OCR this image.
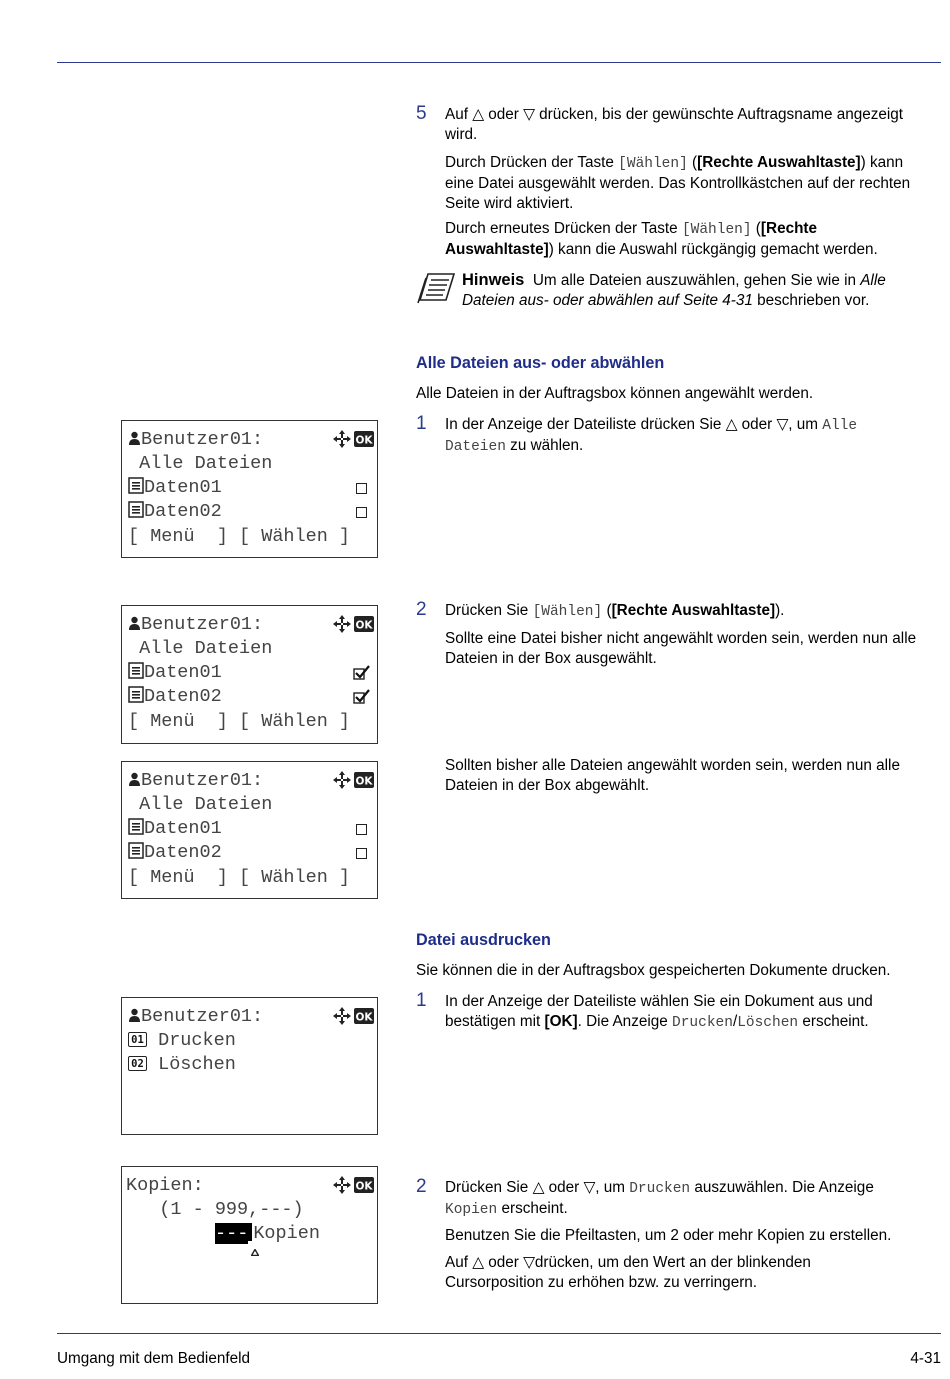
5 Auf △ oder ▽ drücken, bis der gewünschte Auftragsname angezeigt
wird.
Durch Drücken der Taste [Wählen] ([Rechte Auswahltaste]) kann
eine Datei ausgewählt werden. Das Kontrollkästchen auf der rechten
Seite wird aktiviert.
Durch erneutes Drücken der Taste [Wählen] ([Rechte
Auswahltaste]) kann die Auswahl rückgängig gemacht werden.
Hinweis Um alle Dateien auszuwählen, gehen Sie wie in Alle
Dateien aus- oder abwählen auf Seite 4-31 beschrieben vor.
Alle Dateien aus- oder abwählen
Alle Dateien in der Auftragsbox können angewählt werden.
1 In der Anzeige der Dateiliste drücken Sie △ oder ▽, um Alle
Dateien zu wählen.
2 Drücken Sie [Wählen] ([Rechte Auswahltaste]).
Sollte eine Datei bisher nicht angewählt worden sein, werden nun alle
Dateien in der Box ausgewählt.
Sollten bisher alle Dateien angewählt worden sein, werden nun alle
Dateien in der Box abgewählt.
Datei ausdrucken
Sie können die in der Auftragsbox gespeicherten Dokumente drucken.
1 In der Anzeige der Dateiliste wählen Sie ein Dokument aus und
bestätigen mit [OK]. Die Anzeige Drucken/Löschen erscheint.
2 Drücken Sie △ oder ▽, um Drucken auszuwählen. Die Anzeige
Kopien erscheint.
Benutzen Sie die Pfeiltasten, um 2 oder mehr Kopien zu erstellen.
Auf △ oder ▽drücken, um den Wert an der blinkenden
Cursorposition zu erhöhen bzw. zu verringern.
OK
Benutzer01:
Alle Dateien
Daten01
Daten02
[ Menü  ] [ Wählen ]
OK
Benutzer01:
Alle Dateien
Daten01
Daten02
[ Menü  ] [ Wählen ]
OK
Benutzer01:
Alle Dateien
Daten01
Daten02
[ Menü  ] [ Wählen ]
OK
Benutzer01:
01 Drucken
02 Löschen
OK
Kopien:
(1 - 999,---)
--- Kopien
Umgang mit dem Bedienfeld	4-31
